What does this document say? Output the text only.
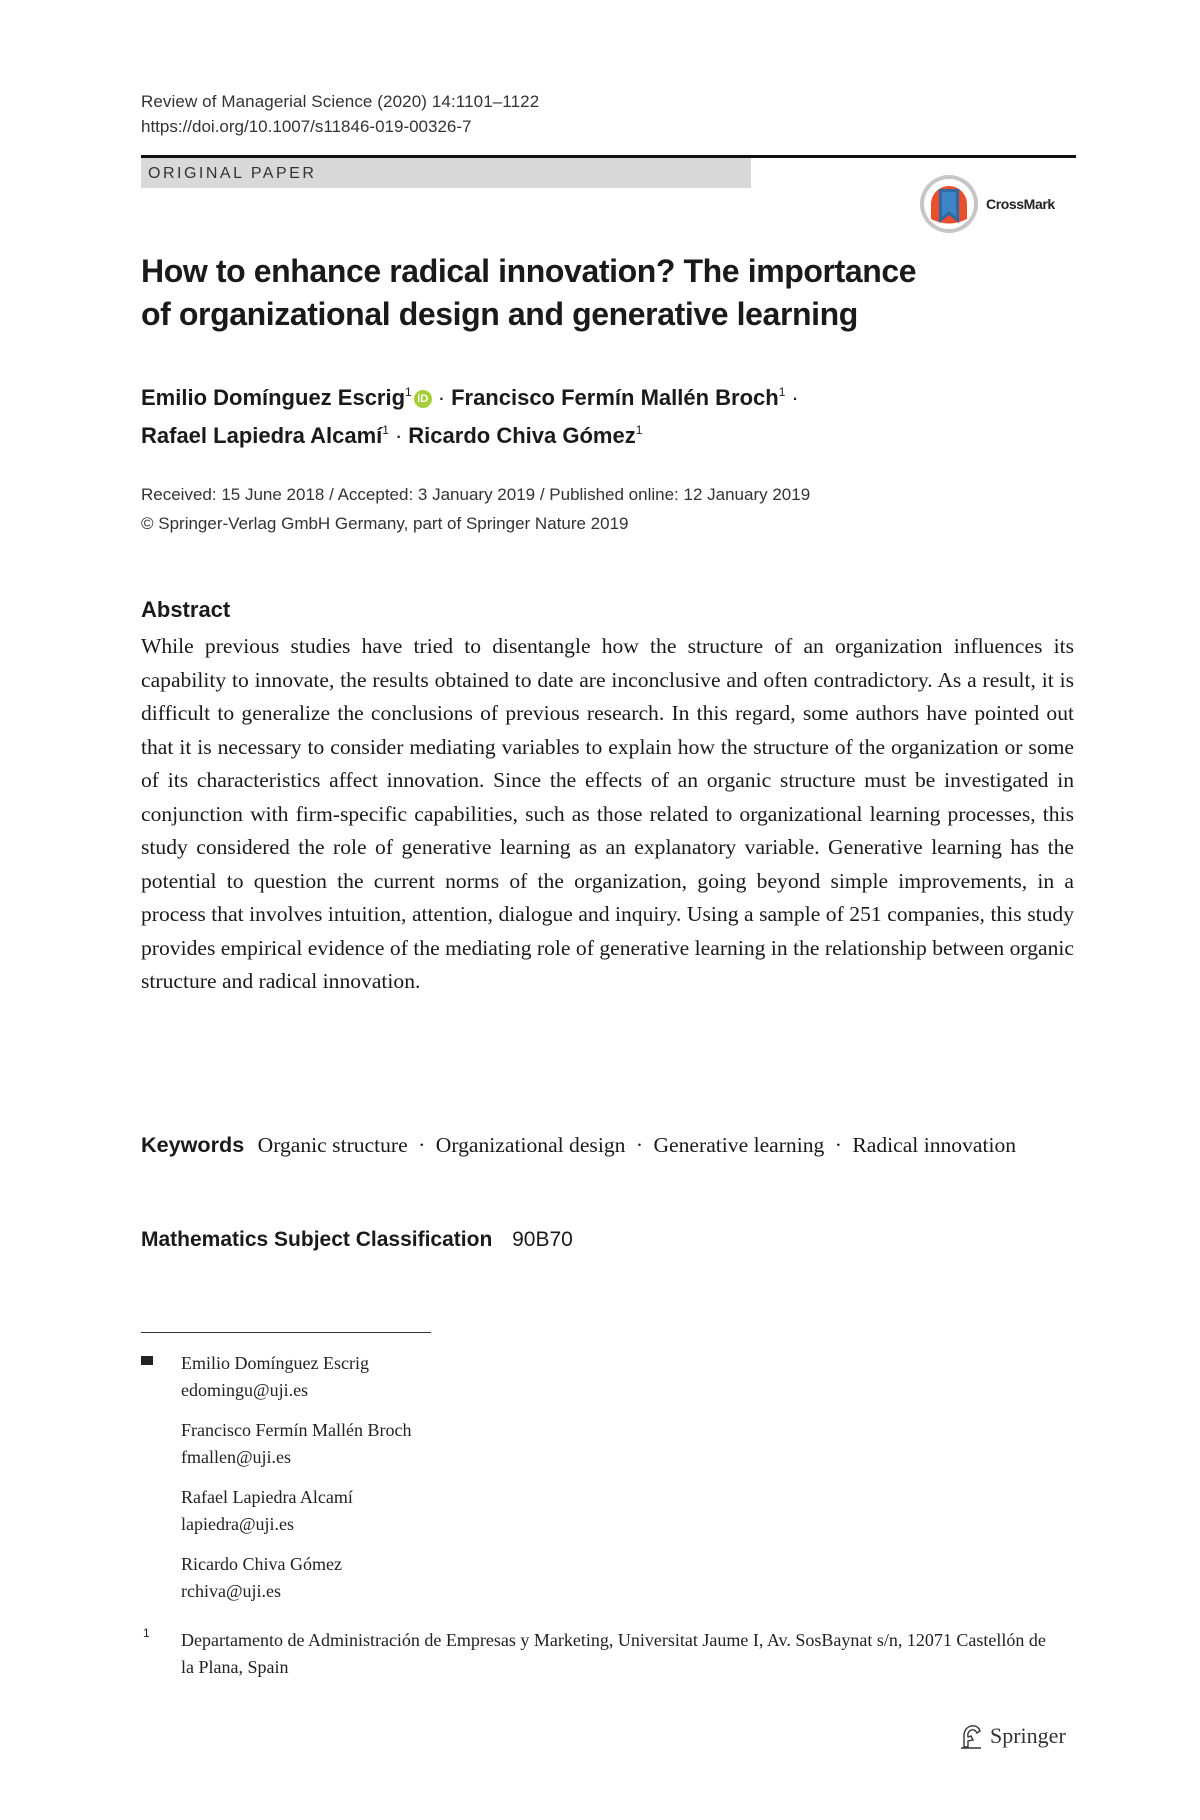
Review of Managerial Science (2020) 14:1101–1122
https://doi.org/10.1007/s11846-019-00326-7
ORIGINAL PAPER
CrossMark
How to enhance radical innovation? The importance
of organizational design and generative learning
Emilio Domínguez Escrig$^1$ iD · Francisco Fermín Mallén Broch$^1$ ·
Rafael Lapiedra Alcamí$^1$ · Ricardo Chiva Gómez$^1$
Received: 15 June 2018 / Accepted: 3 January 2019 / Published online: 12 January 2019
© Springer-Verlag GmbH Germany, part of Springer Nature 2019
Abstract
While previous studies have tried to disentangle how the structure of an organization influences its capability to innovate, the results obtained to date are inconclusive and often contradictory. As a result, it is difficult to generalize the conclusions of previous research. In this regard, some authors have pointed out that it is necessary to consider mediating variables to explain how the structure of the organization or some of its characteristics affect innovation. Since the effects of an organic structure must be investigated in conjunction with firm-specific capabilities, such as those related to organizational learning processes, this study considered the role of generative learning as an explanatory variable. Generative learning has the potential to question the current norms of the organization, going beyond simple improvements, in a process that involves intuition, attention, dialogue and inquiry. Using a sample of 251 companies, this study provides empirical evidence of the mediating role of generative learning in the relationship between organic structure and radical innovation.
Keywords Organic structure · Organizational design · Generative learning · Radical innovation
Mathematics Subject Classification 90B70
Emilio Domínguez Escrig
edomingu@uji.es
Francisco Fermín Mallén Broch
fmallen@uji.es
Rafael Lapiedra Alcamí
lapiedra@uji.es
Ricardo Chiva Gómez
rchiva@uji.es
1 Departamento de Administración de Empresas y Marketing, Universitat Jaume I, Av. SosBaynat s/n, 12071 Castellón de la Plana, Spain
Springer
